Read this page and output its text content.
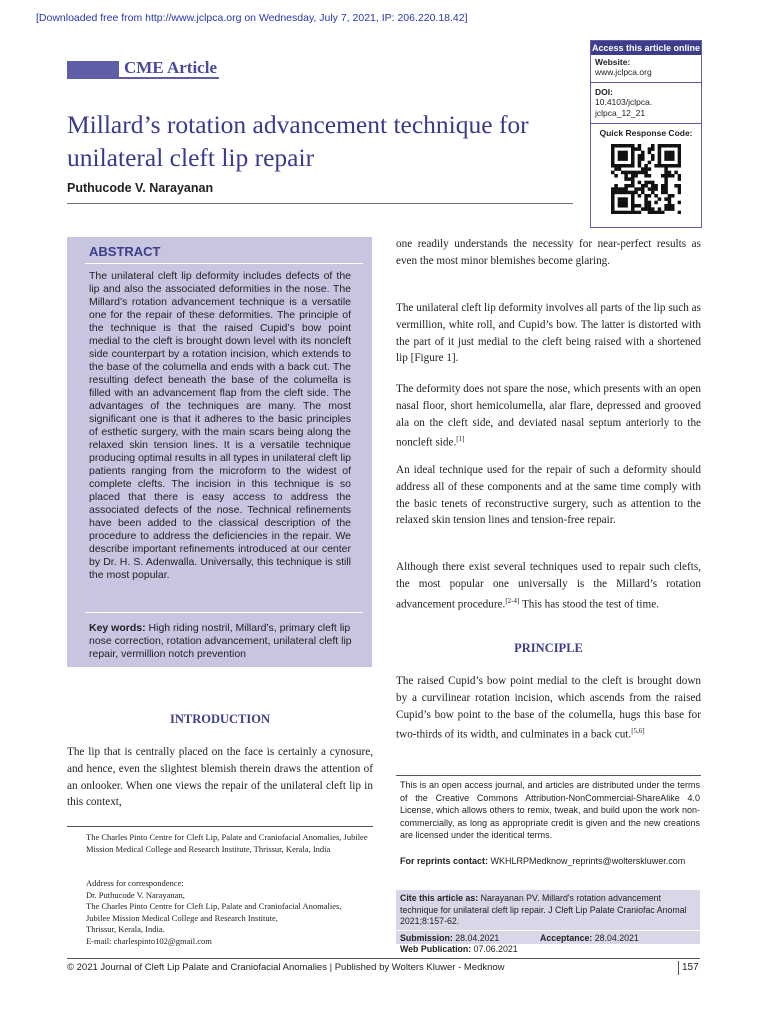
[Downloaded free from http://www.jclpca.org on Wednesday, July 7, 2021, IP: 206.220.18.42]
CME Article
Millard’s rotation advancement technique for unilateral cleft lip repair
Puthucode V. Narayanan
Access this article online
Website:
www.jclpca.org
DOI:
10.4103/jclpca.
jclpca_12_21
Quick Response Code:
ABSTRACT
The unilateral cleft lip deformity includes defects of the lip and also the associated deformities in the nose. The Millard’s rotation advancement technique is a versatile one for the repair of these deformities. The principle of the technique is that the raised Cupid’s bow point medial to the cleft is brought down level with its noncleft side counterpart by a rotation incision, which extends to the base of the columella and ends with a back cut. The resulting defect beneath the base of the columella is filled with an advancement flap from the cleft side. The advantages of the techniques are many. The most significant one is that it adheres to the basic principles of esthetic surgery, with the main scars being along the relaxed skin tension lines. It is a versatile technique producing optimal results in all types in unilateral cleft lip patients ranging from the microform to the widest of complete clefts. The incision in this technique is so placed that there is easy access to address the associated defects of the nose. Technical refinements have been added to the classical description of the procedure to address the deficiencies in the repair. We describe important refinements introduced at our center by Dr. H. S. Adenwalla. Universally, this technique is still the most popular.
Key words: High riding nostril, Millard’s, primary cleft lip nose correction, rotation advancement, unilateral cleft lip repair, vermillion notch prevention
INTRODUCTION
The lip that is centrally placed on the face is certainly a cynosure, and hence, even the slightest blemish therein draws the attention of an onlooker. When one views the repair of the unilateral cleft lip in this context,
The Charles Pinto Centre for Cleft Lip, Palate and Craniofacial Anomalies, Jubilee Mission Medical College and Research Institute, Thrissur, Kerala, India
Address for correspondence:
Dr. Puthucode V. Narayanan,
The Charles Pinto Centre for Cleft Lip, Palate and Craniofacial Anomalies,
Jubilee Mission Medical College and Research Institute,
Thrissur, Kerala, India.
E-mail: charlespinto102@gmail.com
one readily understands the necessity for near-perfect results as even the most minor blemishes become glaring.
The unilateral cleft lip deformity involves all parts of the lip such as vermillion, white roll, and Cupid’s bow. The latter is distorted with the part of it just medial to the cleft being raised with a shortened lip [Figure 1].
The deformity does not spare the nose, which presents with an open nasal floor, short hemicolumella, alar flare, depressed and grooved ala on the cleft side, and deviated nasal septum anteriorly to the noncleft side.[1]
An ideal technique used for the repair of such a deformity should address all of these components and at the same time comply with the basic tenets of reconstructive surgery, such as attention to the relaxed skin tension lines and tension-free repair.
Although there exist several techniques used to repair such clefts, the most popular one universally is the Millard’s rotation advancement procedure.[2-4] This has stood the test of time.
PRINCIPLE
The raised Cupid’s bow point medial to the cleft is brought down by a curvilinear rotation incision, which ascends from the raised Cupid’s bow point to the base of the columella, hugs this base for two-thirds of its width, and culminates in a back cut.[5,6]
This is an open access journal, and articles are distributed under the terms of the Creative Commons Attribution-NonCommercial-ShareAlike 4.0 License, which allows others to remix, tweak, and build upon the work non-commercially, as long as appropriate credit is given and the new creations are licensed under the identical terms.
For reprints contact: WKHLRPMedknow_reprints@wolterskluwer.com
Cite this article as: Narayanan PV. Millard's rotation advancement technique for unilateral cleft lip repair. J Cleft Lip Palate Craniofac Anomal 2021;8:157-62.
Submission: 28.04.2021	Acceptance: 28.04.2021
Web Publication: 07.06.2021
© 2021 Journal of Cleft Lip Palate and Craniofacial Anomalies | Published by Wolters Kluwer - Medknow	157
